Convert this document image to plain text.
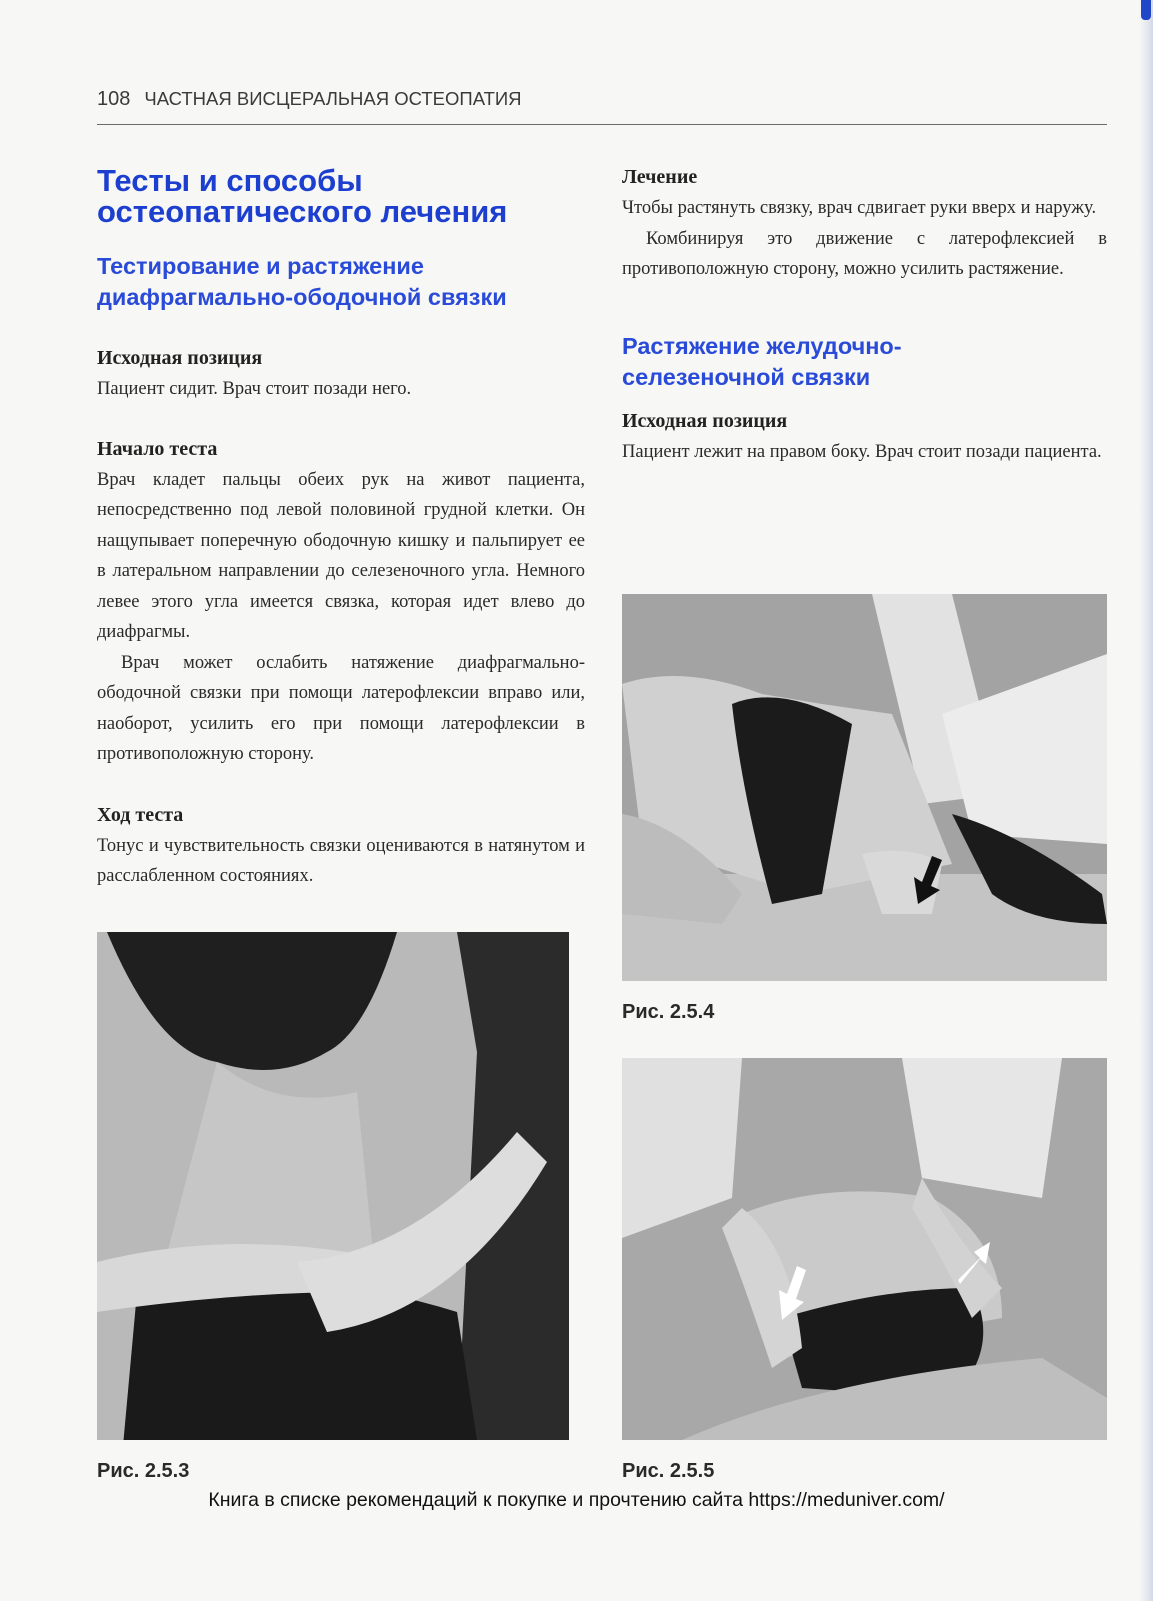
108 ЧАСТНАЯ ВИСЦЕРАЛЬНАЯ ОСТЕОПАТИЯ
Тесты и способы
остеопатического лечения
Тестирование и растяжение
диафрагмально-ободочной связки
Исходная позиция

Пациент сидит. Врач стоит позади него.

Начало теста

Врач кладет пальцы обеих рук на живот пациента, непосредственно под левой половиной грудной клетки. Он нащупывает поперечную ободочную кишку и пальпирует ее в латеральном направлении до селезеночного угла. Немного левее этого угла имеется связка, которая идет влево до диафрагмы.

Врач может ослабить натяжение диафрагмально-ободочной связки при помощи латерофлексии вправо или, наоборот, усилить его при помощи латерофлексии в противоположную сторону.

Ход теста

Тонус и чувствительность связки оцениваются в натянутом и расслабленном состояниях.

Лечение

Чтобы растянуть связку, врач сдвигает руки вверх и наружу.

Комбинируя это движение с латерофлексией в противоположную сторону, можно усилить растяжение.

Растяжение желудочно-
селезеночной связки
Исходная позиция

Пациент лежит на правом боку. Врач стоит позади пациента.

Рис. 2.5.3
Рис. 2.5.4
Рис. 2.5.5
Книга в списке рекомендаций к покупке и прочтению сайта https://meduniver.com/
